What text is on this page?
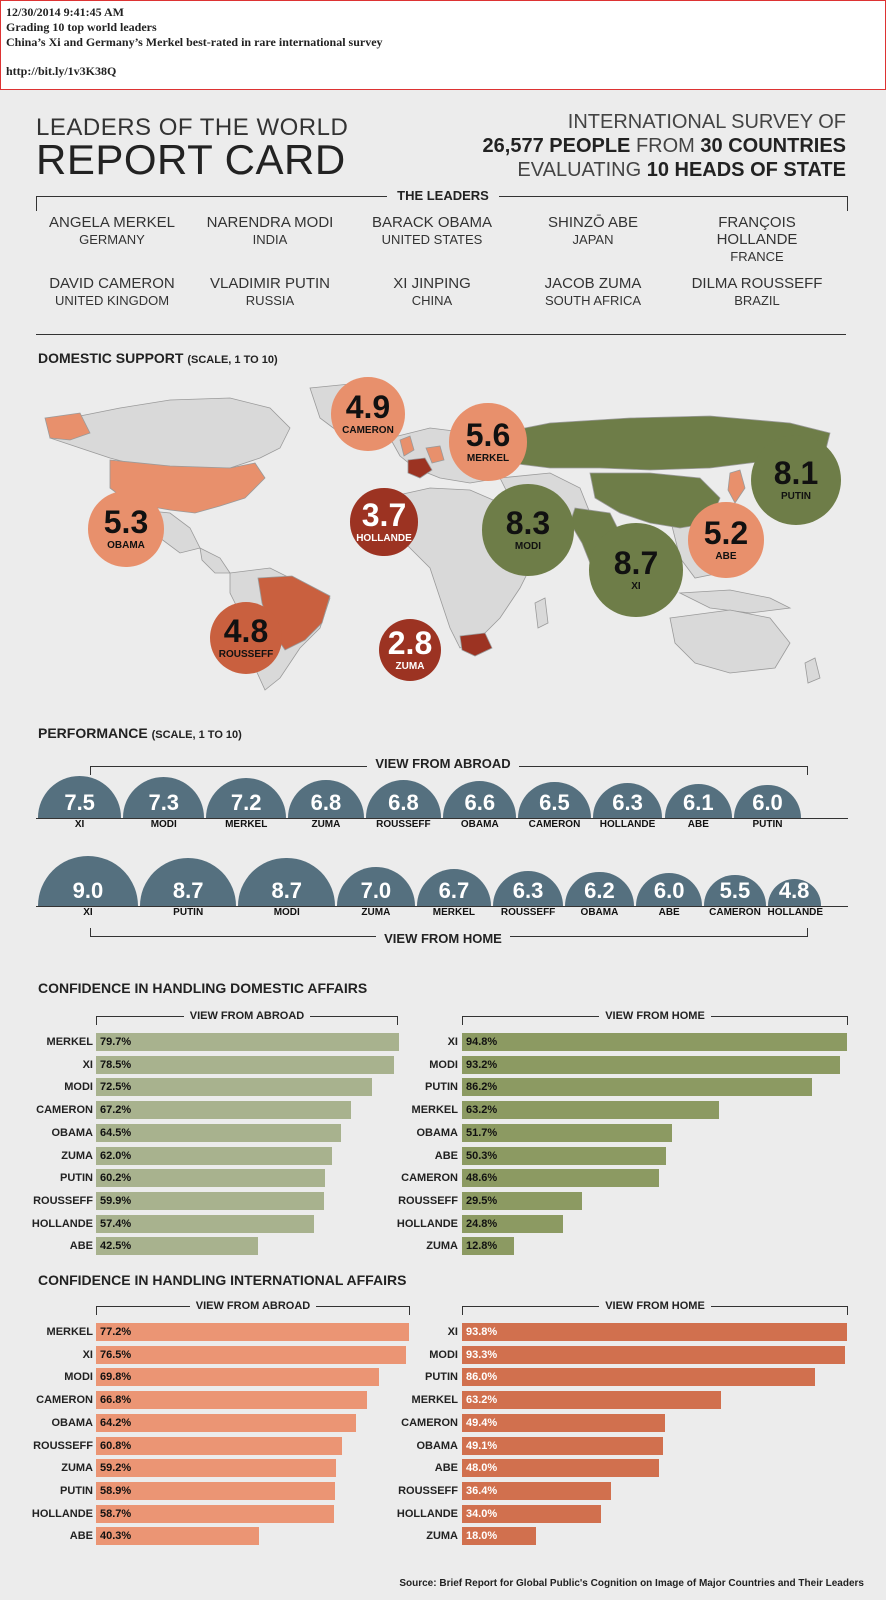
12/30/2014 9:41:45 AM
Grading 10 top world leaders
China’s Xi and Germany’s Merkel best-rated in rare international survey
http://bit.ly/1v3K38Q
LEADERS OF THE WORLD
REPORT CARD
INTERNATIONAL SURVEY OF
26,577 PEOPLE FROM 30 COUNTRIES
EVALUATING 10 HEADS OF STATE
THE LEADERS
ANGELA MERKEL
GERMANY
NARENDRA MODI
INDIA
BARACK OBAMA
UNITED STATES
SHINZŌ ABE
JAPAN
FRANÇOIS HOLLANDE
FRANCE
DAVID CAMERON
UNITED KINGDOM
VLADIMIR PUTIN
RUSSIA
XI JINPING
CHINA
JACOB ZUMA
SOUTH AFRICA
DILMA ROUSSEFF
BRAZIL
DOMESTIC SUPPORT (SCALE, 1 TO 10)
4.9
CAMERON 5.6
MERKEL	8.1
PUTIN
5.3
OBAMA
3.7
HOLLANDE	8.3
MODI	5.2
ABE
8.7
XI
4.8
ROUSSEFF	2.8
ZUMA
PERFORMANCE (SCALE, 1 TO 10)
VIEW FROM ABROAD
7.5
XI
7.3
MODI
7.2
MERKEL
6.8
ZUMA
6.8
ROUSSEFF
6.6
OBAMA
6.5
CAMERON
6.3
HOLLANDE
6.1
ABE
6.0
PUTIN
9.0
XI
8.7
PUTIN
8.7
MODI
7.0
ZUMA
6.7
MERKEL
6.3
ROUSSEFF
6.2
OBAMA
6.0
ABE
5.5
CAMERON
4.8
HOLLANDE
VIEW FROM HOME
CONFIDENCE IN HANDLING DOMESTIC AFFAIRS
VIEW FROM ABROAD	VIEW FROM HOME
MERKEL 79.7%
XI 78.5%
MODI 72.5%
CAMERON 67.2%
OBAMA 64.5%
ZUMA 62.0%
PUTIN 60.2%
ROUSSEFF 59.9%
HOLLANDE 57.4%
ABE 42.5%
XI 94.8%
MODI 93.2%
PUTIN 86.2%
MERKEL 63.2%
OBAMA 51.7%
ABE 50.3%
CAMERON 48.6%
ROUSSEFF 29.5%
HOLLANDE 24.8%
ZUMA 12.8%
CONFIDENCE IN HANDLING INTERNATIONAL AFFAIRS
VIEW FROM ABROAD	VIEW FROM HOME
MERKEL 77.2%
XI 76.5%
MODI 69.8%
CAMERON 66.8%
OBAMA 64.2%
ROUSSEFF 60.8%
ZUMA 59.2%
PUTIN 58.9%
HOLLANDE 58.7%
ABE 40.3%
XI 93.8%
MODI 93.3%
PUTIN 86.0%
MERKEL 63.2%
CAMERON 49.4%
OBAMA 49.1%
ABE 48.0%
ROUSSEFF 36.4%
HOLLANDE 34.0%
ZUMA 18.0%
Source: Brief Report for Global Public's Cognition on Image of Major Countries and Their Leaders
